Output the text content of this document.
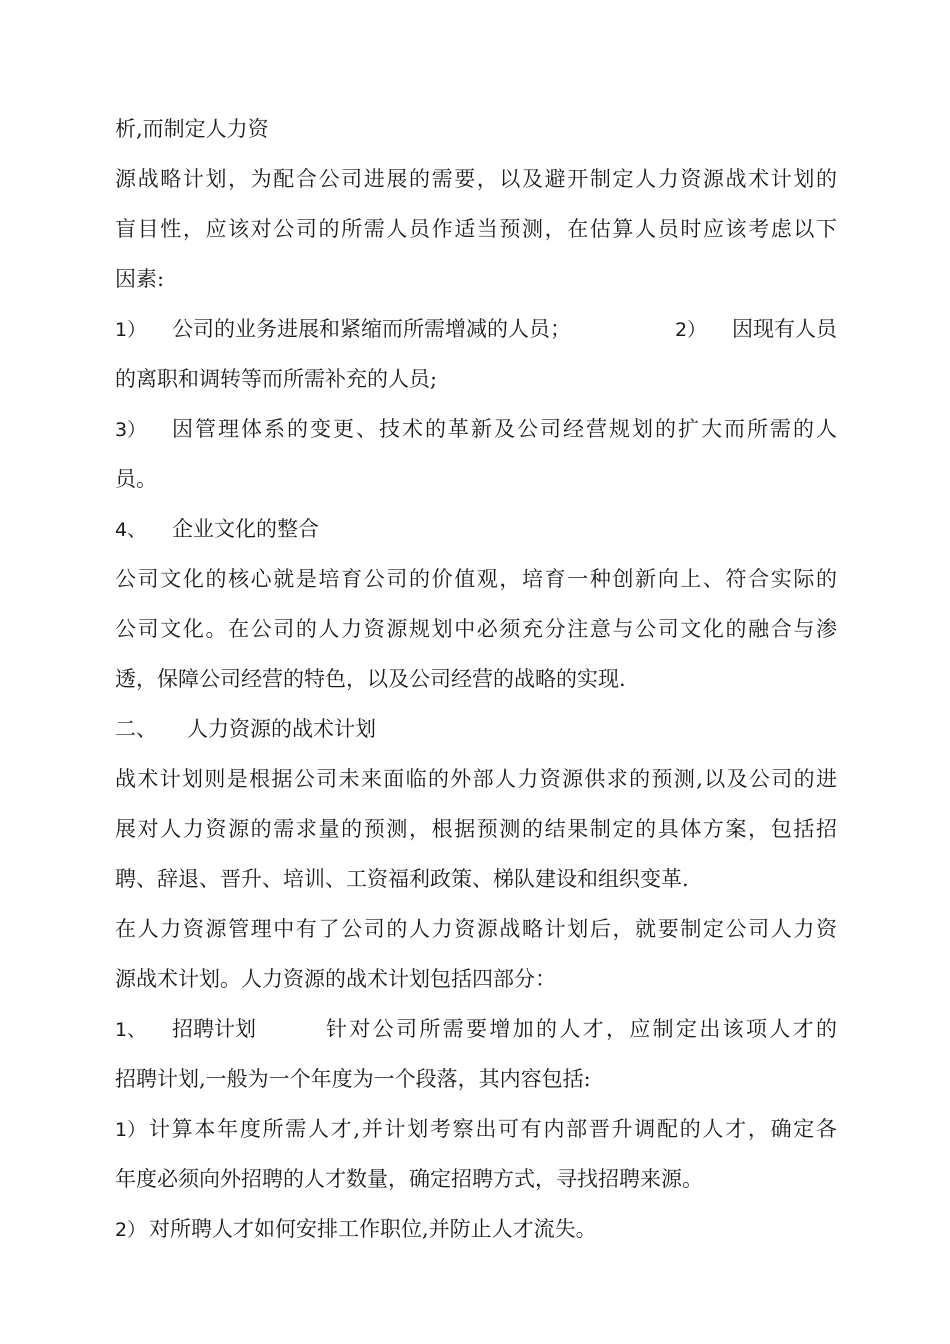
析,而制定人力资
源战略计划，为配合公司进展的需要，以及避开制定人力资源战术计划的
盲目性，应该对公司的所需人员作适当预测，在估算人员时应该考虑以下
因素:
1）	公司的业务进展和紧缩而所需增减的人员；	2）	因现有人员
的离职和调转等而所需补充的人员;
3）	因管理体系的变更、技术的革新及公司经营规划的扩大而所需的人
员。
4、	企业文化的整合
公司文化的核心就是培育公司的价值观，培育一种创新向上、符合实际的
公司文化。在公司的人力资源规划中必须充分注意与公司文化的融合与渗
透，保障公司经营的特色，以及公司经营的战略的实现.
二、	人力资源的战术计划
战术计划则是根据公司未来面临的外部人力资源供求的预测,以及公司的进
展对人力资源的需求量的预测，根据预测的结果制定的具体方案，包括招
聘、辞退、晋升、培训、工资福利政策、梯队建设和组织变革.
在人力资源管理中有了公司的人力资源战略计划后，就要制定公司人力资
源战术计划。人力资源的战术计划包括四部分：
1、	招聘计划	针对公司所需要增加的人才，应制定出该项人才的
招聘计划,一般为一个年度为一个段落，其内容包括:
1） 计算本年度所需人才,并计划考察出可有内部晋升调配的人才，确定各
年度必须向外招聘的人才数量，确定招聘方式，寻找招聘来源。
2） 对所聘人才如何安排工作职位,并防止人才流失。
